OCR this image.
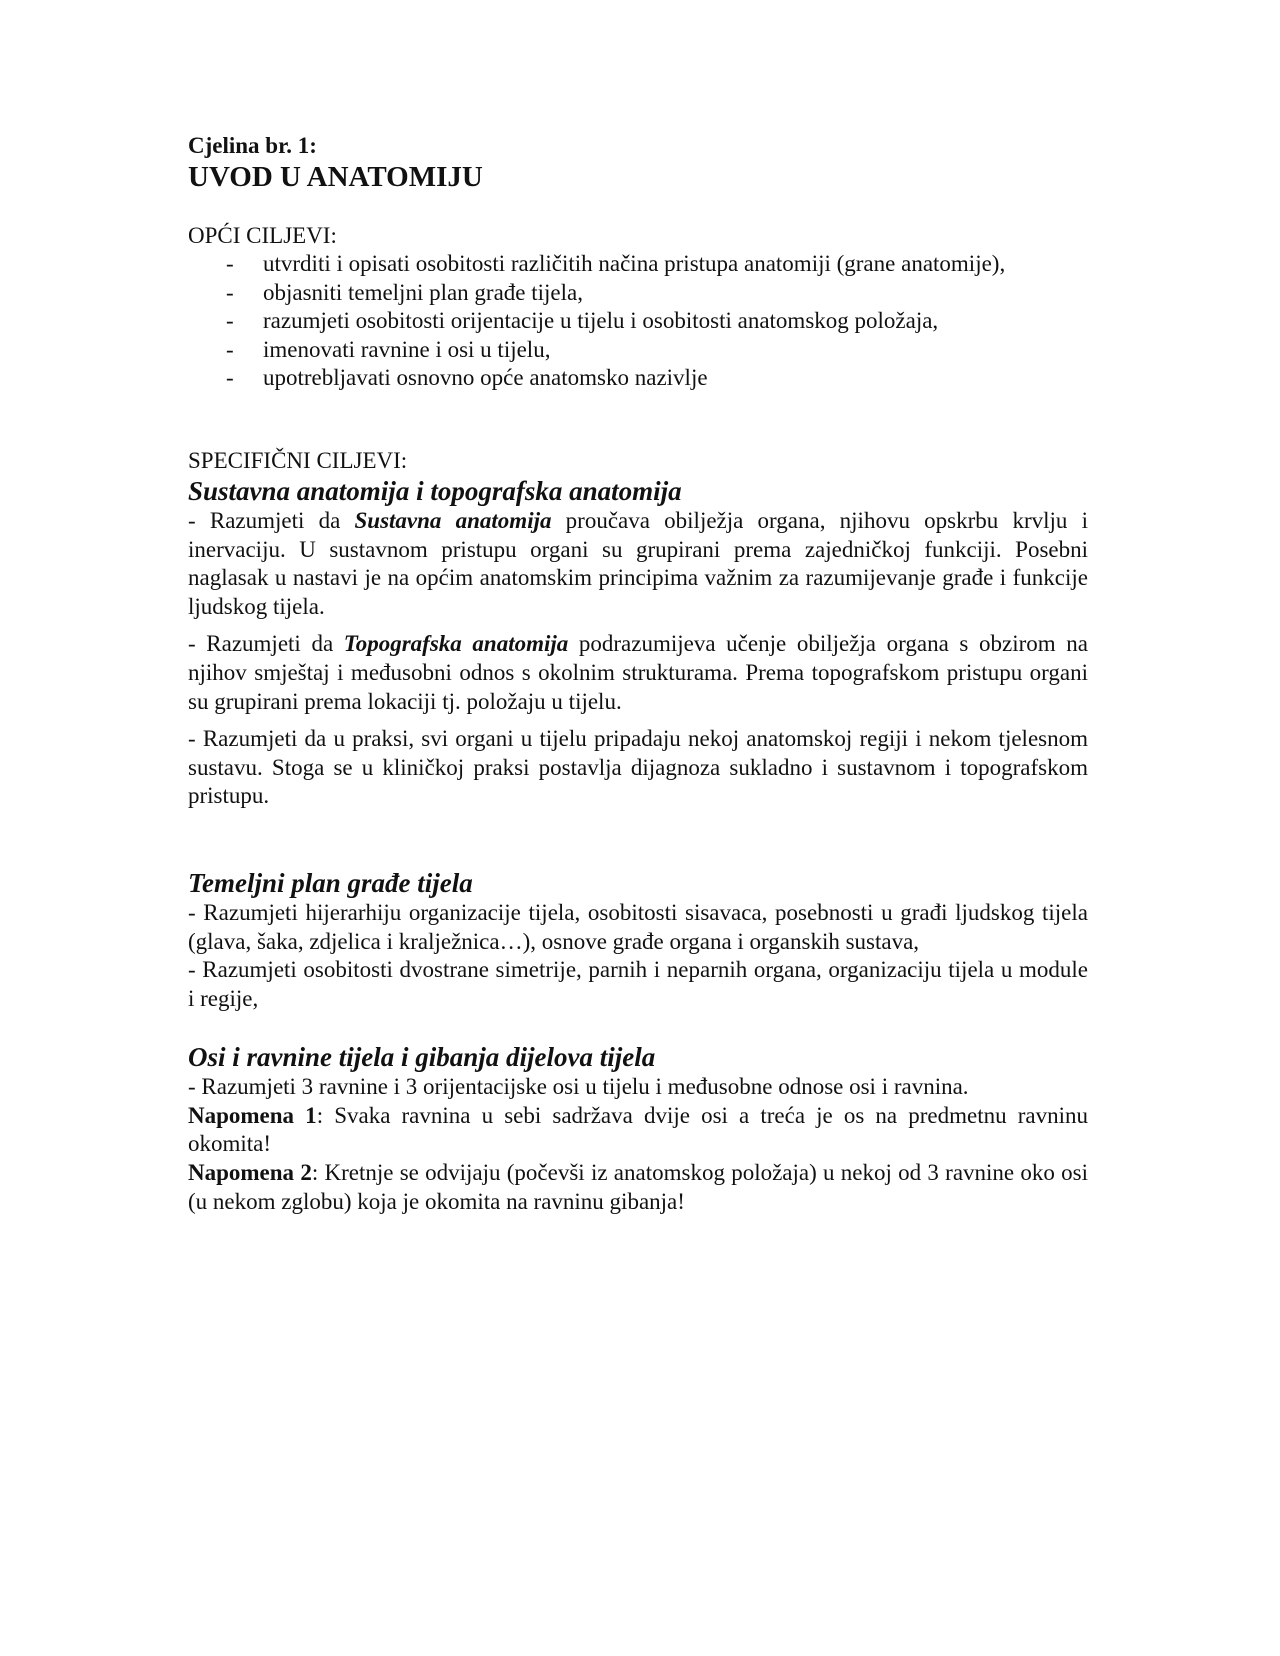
Cjelina br. 1:

UVOD U ANATOMIJU

OPĆI CILJEVI:

- utvrditi i opisati osobitosti različitih načina pristupa anatomiji (grane anatomije),
- objasniti temeljni plan građe tijela,
- razumjeti osobitosti orijentacije u tijelu i osobitosti anatomskog položaja,
- imenovati ravnine i osi u tijelu,
- upotrebljavati osnovno opće anatomsko nazivlje

SPECIFIČNI CILJEVI:

Sustavna anatomija i topografska anatomija

- Razumjeti da Sustavna anatomija proučava obilježja organa, njihovu opskrbu krvlju i inervaciju. U sustavnom pristupu organi su grupirani prema zajedničkoj funkciji. Posebni naglasak u nastavi je na općim anatomskim principima važnim za razumijevanje građe i funkcije ljudskog tijela.

- Razumjeti da Topografska anatomija podrazumijeva učenje obilježja organa s obzirom na njihov smještaj i međusobni odnos s okolnim strukturama. Prema topografskom pristupu organi su grupirani prema lokaciji tj. položaju u tijelu.

- Razumjeti da u praksi, svi organi u tijelu pripadaju nekoj anatomskoj regiji i nekom tjelesnom sustavu. Stoga se u kliničkoj praksi postavlja dijagnoza sukladno i sustavnom i topografskom pristupu.

Temeljni plan građe tijela

- Razumjeti hijerarhiju organizacije tijela, osobitosti sisavaca, posebnosti u građi ljudskog tijela (glava, šaka, zdjelica i kralježnica…), osnove građe organa i organskih sustava,

- Razumjeti osobitosti dvostrane simetrije, parnih i neparnih organa, organizaciju tijela u module i regije,

Osi i ravnine tijela i gibanja dijelova tijela

- Razumjeti 3 ravnine i 3 orijentacijske osi u tijelu i međusobne odnose osi i ravnina.

Napomena 1: Svaka ravnina u sebi sadržava dvije osi a treća je os na predmetnu ravninu okomita!

Napomena 2: Kretnje se odvijaju (počevši iz anatomskog položaja) u nekoj od 3 ravnine oko osi (u nekom zglobu) koja je okomita na ravninu gibanja!
